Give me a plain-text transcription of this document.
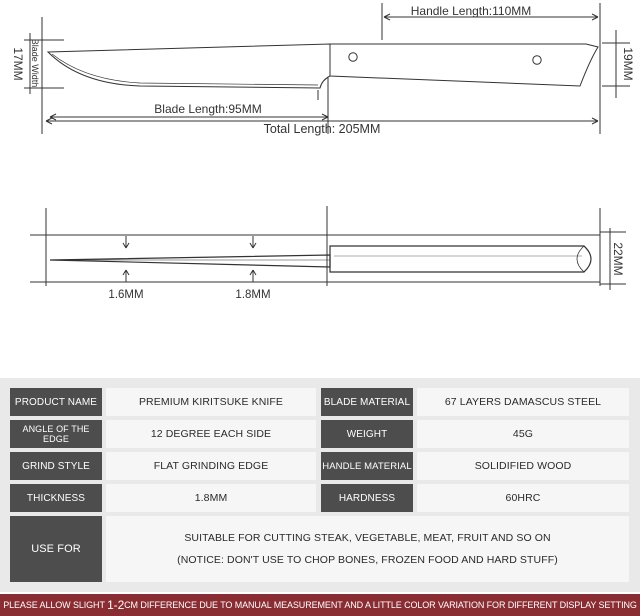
Handle Length:110MM
Blade Width
17MM	19MM
Blade Length:95MM
Total Length: 205MM
1.6MM	1.8MM
22MM
PRODUCT NAME	PREMIUM KIRITSUKE KNIFE	BLADE MATERIAL	67 LAYERS DAMASCUS STEEL
ANGLE OF THE EDGE	12 DEGREE EACH SIDE	WEIGHT	45G
GRIND STYLE	FLAT GRINDING EDGE	HANDLE MATERIAL	SOLIDIFIED WOOD
THICKNESS	1.8MM	HARDNESS	60HRC
USE FOR
SUITABLE FOR CUTTING STEAK, VEGETABLE, MEAT, FRUIT AND SO ON
(NOTICE: DON'T USE TO CHOP BONES, FROZEN FOOD AND HARD STUFF)
PLEASE ALLOW SLIGHT 1-2 CM DIFFERENCE DUE TO MANUAL MEASUREMENT AND A LITTLE COLOR VARIATION FOR DIFFERENT DISPLAY SETTING
